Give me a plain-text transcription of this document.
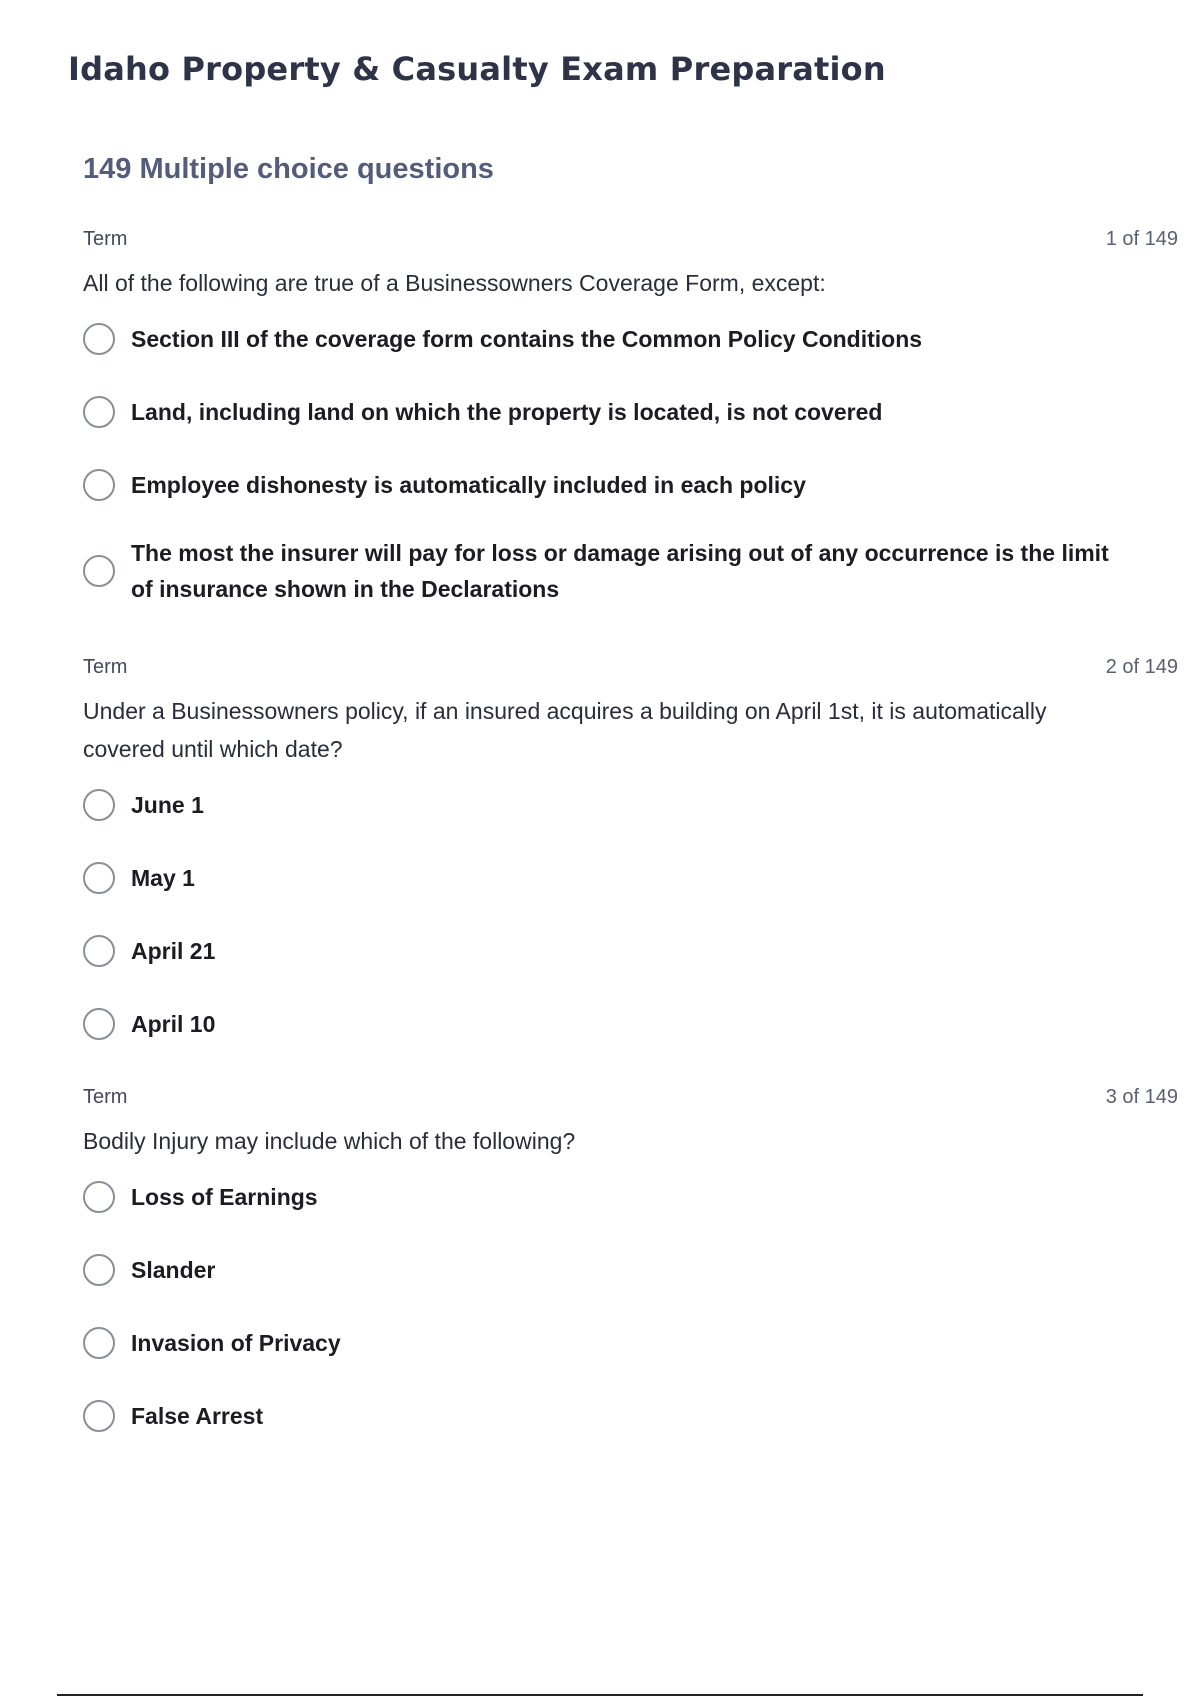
Idaho Property & Casualty Exam Preparation
149 Multiple choice questions
Term	1 of 149

All of the following are true of a Businessowners Coverage Form, except:

Section III of the coverage form contains the Common Policy Conditions
Land, including land on which the property is located, is not covered
Employee dishonesty is automatically included in each policy
The most the insurer will pay for loss or damage arising out of any occurrence is the limit of insurance shown in the Declarations
Term	2 of 149

Under a Businessowners policy, if an insured acquires a building on April 1st, it is automatically covered until which date?

June 1
May 1
April 21
April 10
Term	3 of 149

Bodily Injury may include which of the following?

Loss of Earnings
Slander
Invasion of Privacy
False Arrest
